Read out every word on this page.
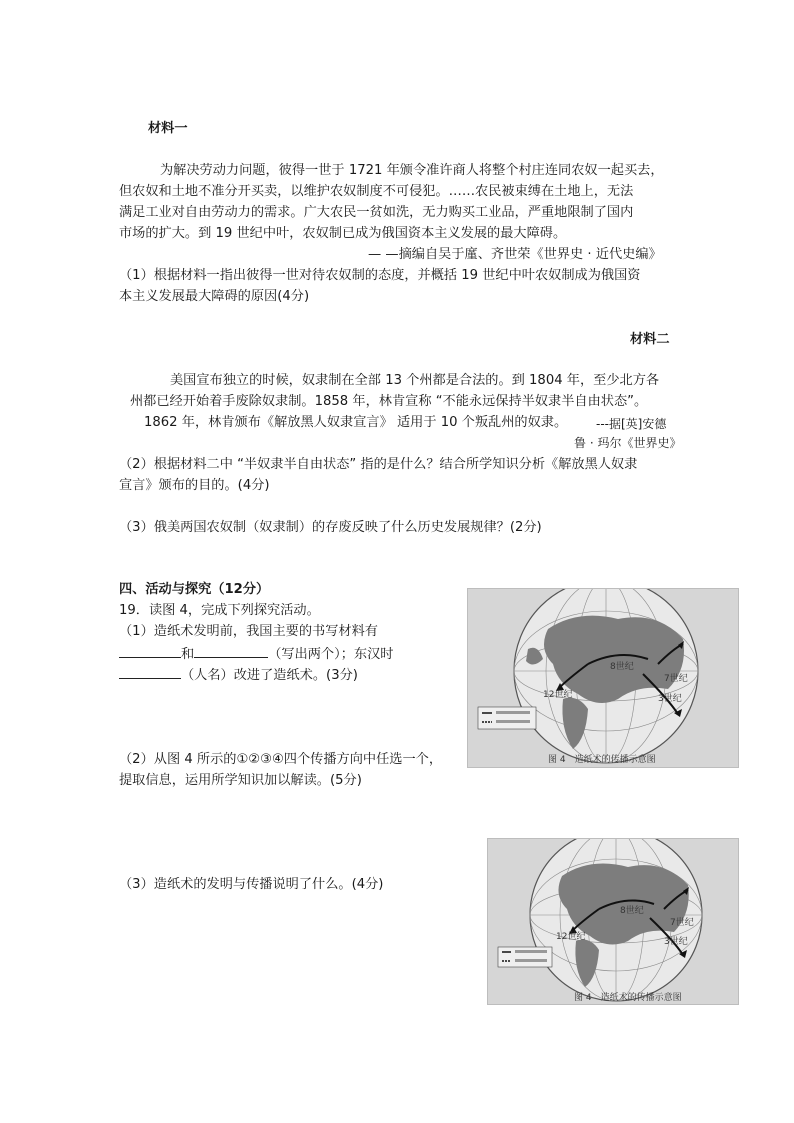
材料一
为解决劳动力问题，彼得一世于 1721 年颁令准许商人将整个村庄连同农奴一起买去，
但农奴和土地不准分开买卖，以维护农奴制度不可侵犯。……农民被束缚在土地上，无法
满足工业对自由劳动力的需求。广大农民一贫如洗，无力购买工业品，严重地限制了国内
市场的扩大。到 19 世纪中叶，农奴制已成为俄国资本主义发展的最大障碍。
— —摘编自吴于廑、齐世荣《世界史 · 近代史编》
（1）根据材料一指出彼得一世对待农奴制的态度，并概括 19 世纪中叶农奴制成为俄国资
本主义发展最大障碍的原因(4分)
材料二
美国宣布独立的时候，奴隶制在全部 13 个州都是合法的。到 1804 年，至少北方各
州都已经开始着手废除奴隶制。1858 年，林肯宣称 “不能永远保持半奴隶半自由状态”。
1862 年，林肯颁布《解放黑人奴隶宣言》 适用于 10 个叛乱州的奴隶。 ---据[英]安德
鲁 · 玛尔《世界史》
（2）根据材料二中 “半奴隶半自由状态” 指的是什么？结合所学知识分析《解放黑人奴隶
宣言》颁布的目的。(4分)
（3）俄美两国农奴制（奴隶制）的存废反映了什么历史发展规律？(2分)
四、活动与探究（12分）
19．读图 4，完成下列探究活动。
（1）造纸术发明前，我国主要的书写材料有
和	（写出两个）；东汉时
（人名）改进了造纸术。(3分)
（2）从图 4 所示的①②③④四个传播方向中任选一个，
提取信息，运用所学知识加以解读。(5分)
（3）造纸术的发明与传播说明了什么。(4分)
12世纪
8世纪
7世纪
3世纪
图 4　造纸术的传播示意图
12世纪
8世纪
7世纪
3世纪
图 4　造纸术的传播示意图
